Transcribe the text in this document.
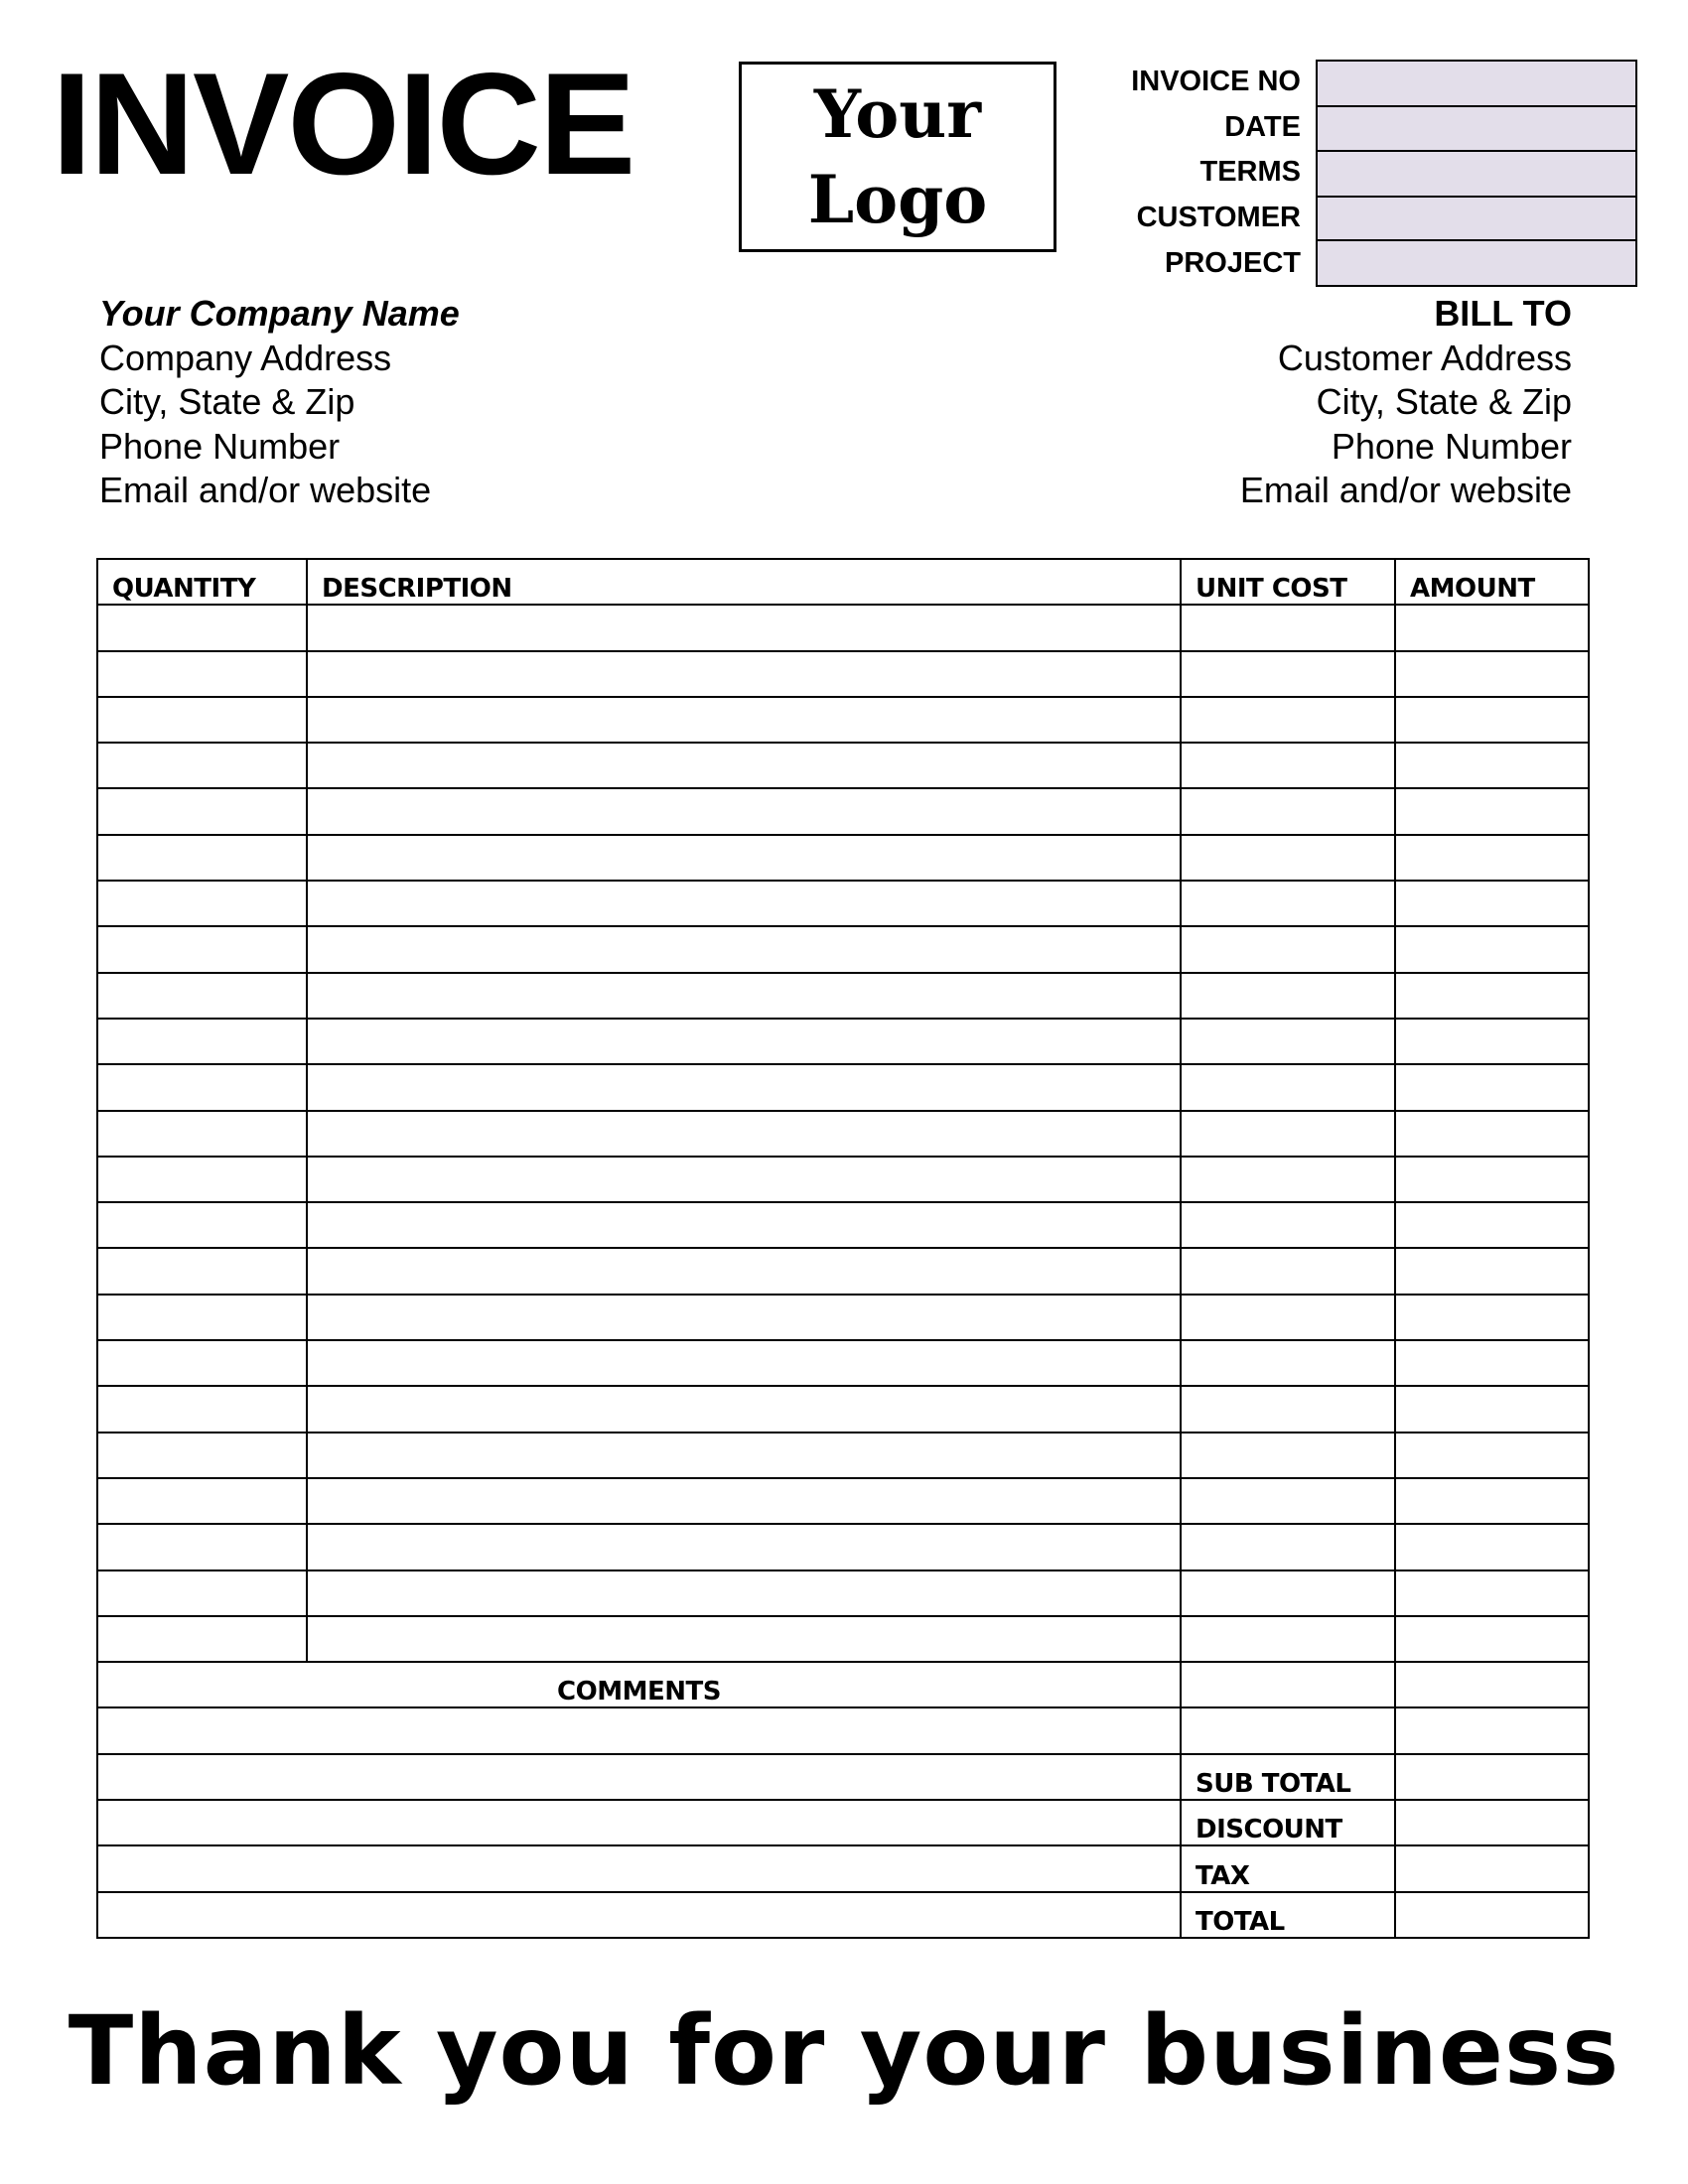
INVOICE	Your
Logo
INVOICE NO
DATE
TERMS
CUSTOMER
PROJECT
Your Company Name
Company Address
City, State & Zip
Phone Number
Email and/or website
BILL TO
Customer Address
City, State & Zip
Phone Number
Email and/or website
QUANTITY	DESCRIPTION	UNIT COST	AMOUNT

COMMENTS			

		SUB TOTAL	
		DISCOUNT	
		TAX	
		TOTAL	
Thank you for your business
